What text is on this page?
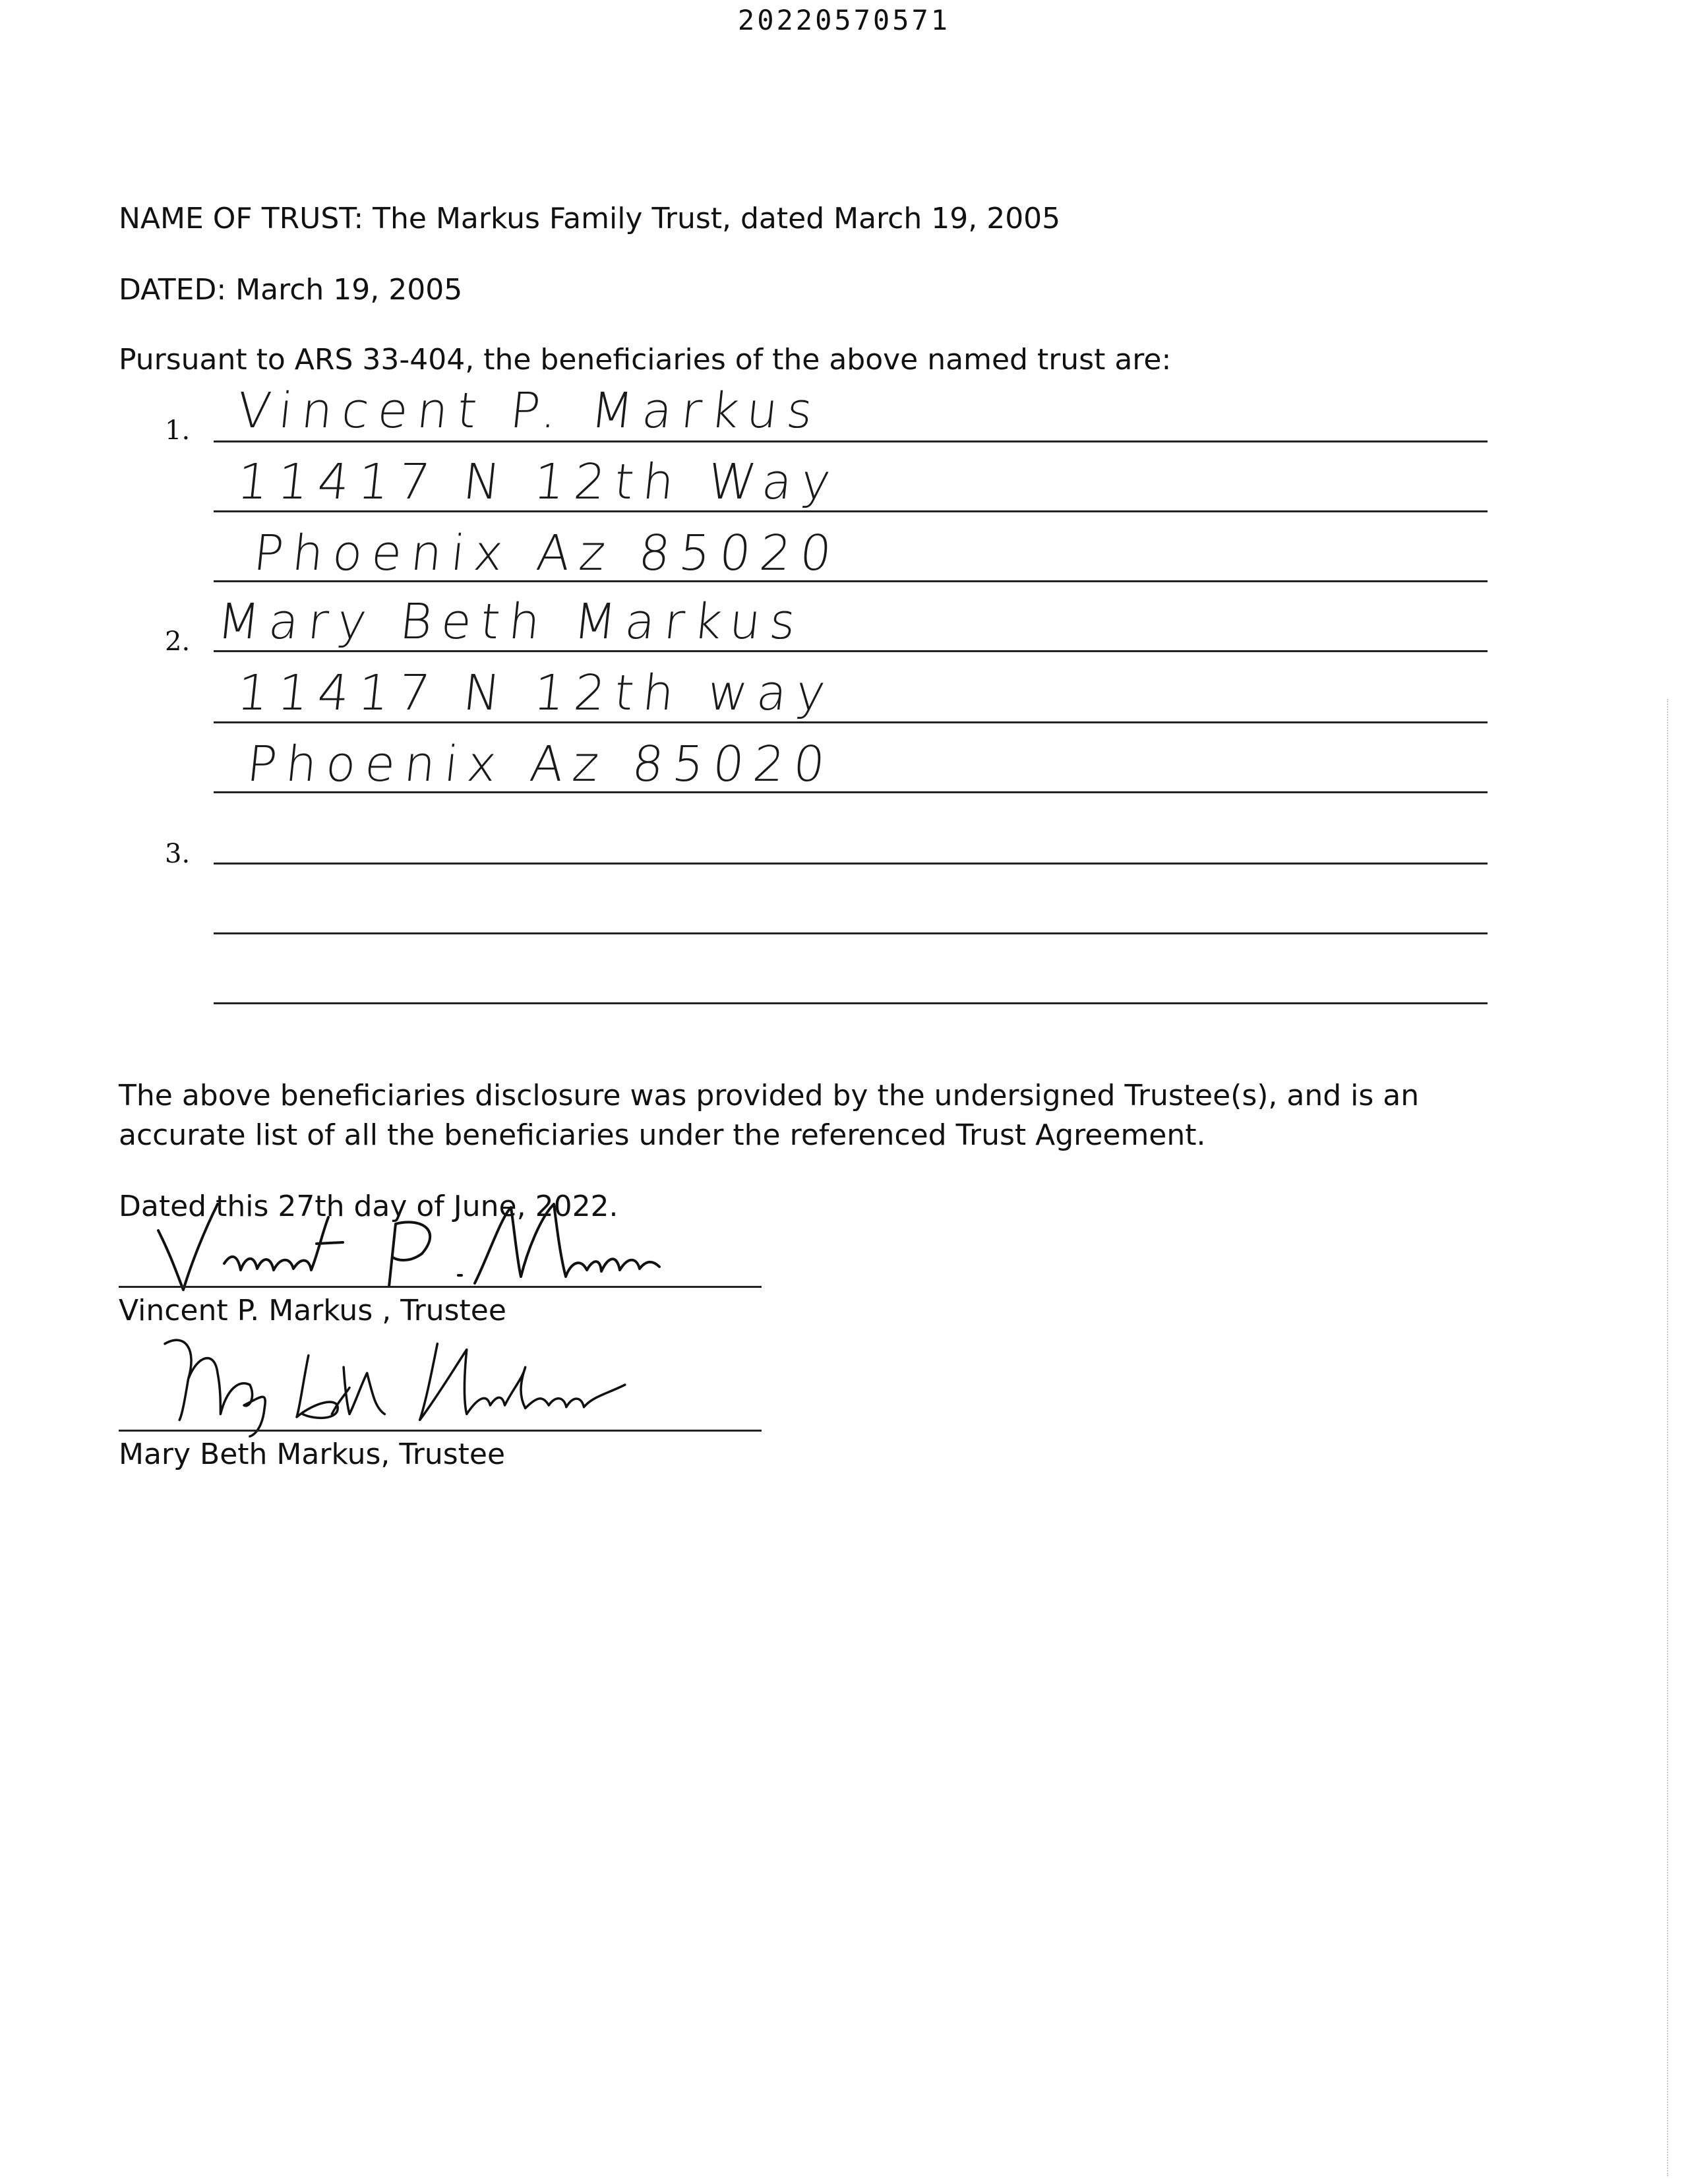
20220570571
NAME OF TRUST: The Markus Family Trust, dated March 19, 2005
DATED: March 19, 2005
Pursuant to ARS 33-404, the beneficiaries of the above named trust are:
1. Vincent P. Markus
11417 N 12th Way
Phoenix Az 85020
2. Mary Beth Markus
11417 N 12th way
Phoenix Az 85020
3.
The above beneficiaries disclosure was provided by the undersigned Trustee(s), and is an accurate list of all the beneficiaries under the referenced Trust Agreement.
Dated this 27th day of June, 2022.
Vincent P. Markus , Trustee
Mary Beth Markus, Trustee
